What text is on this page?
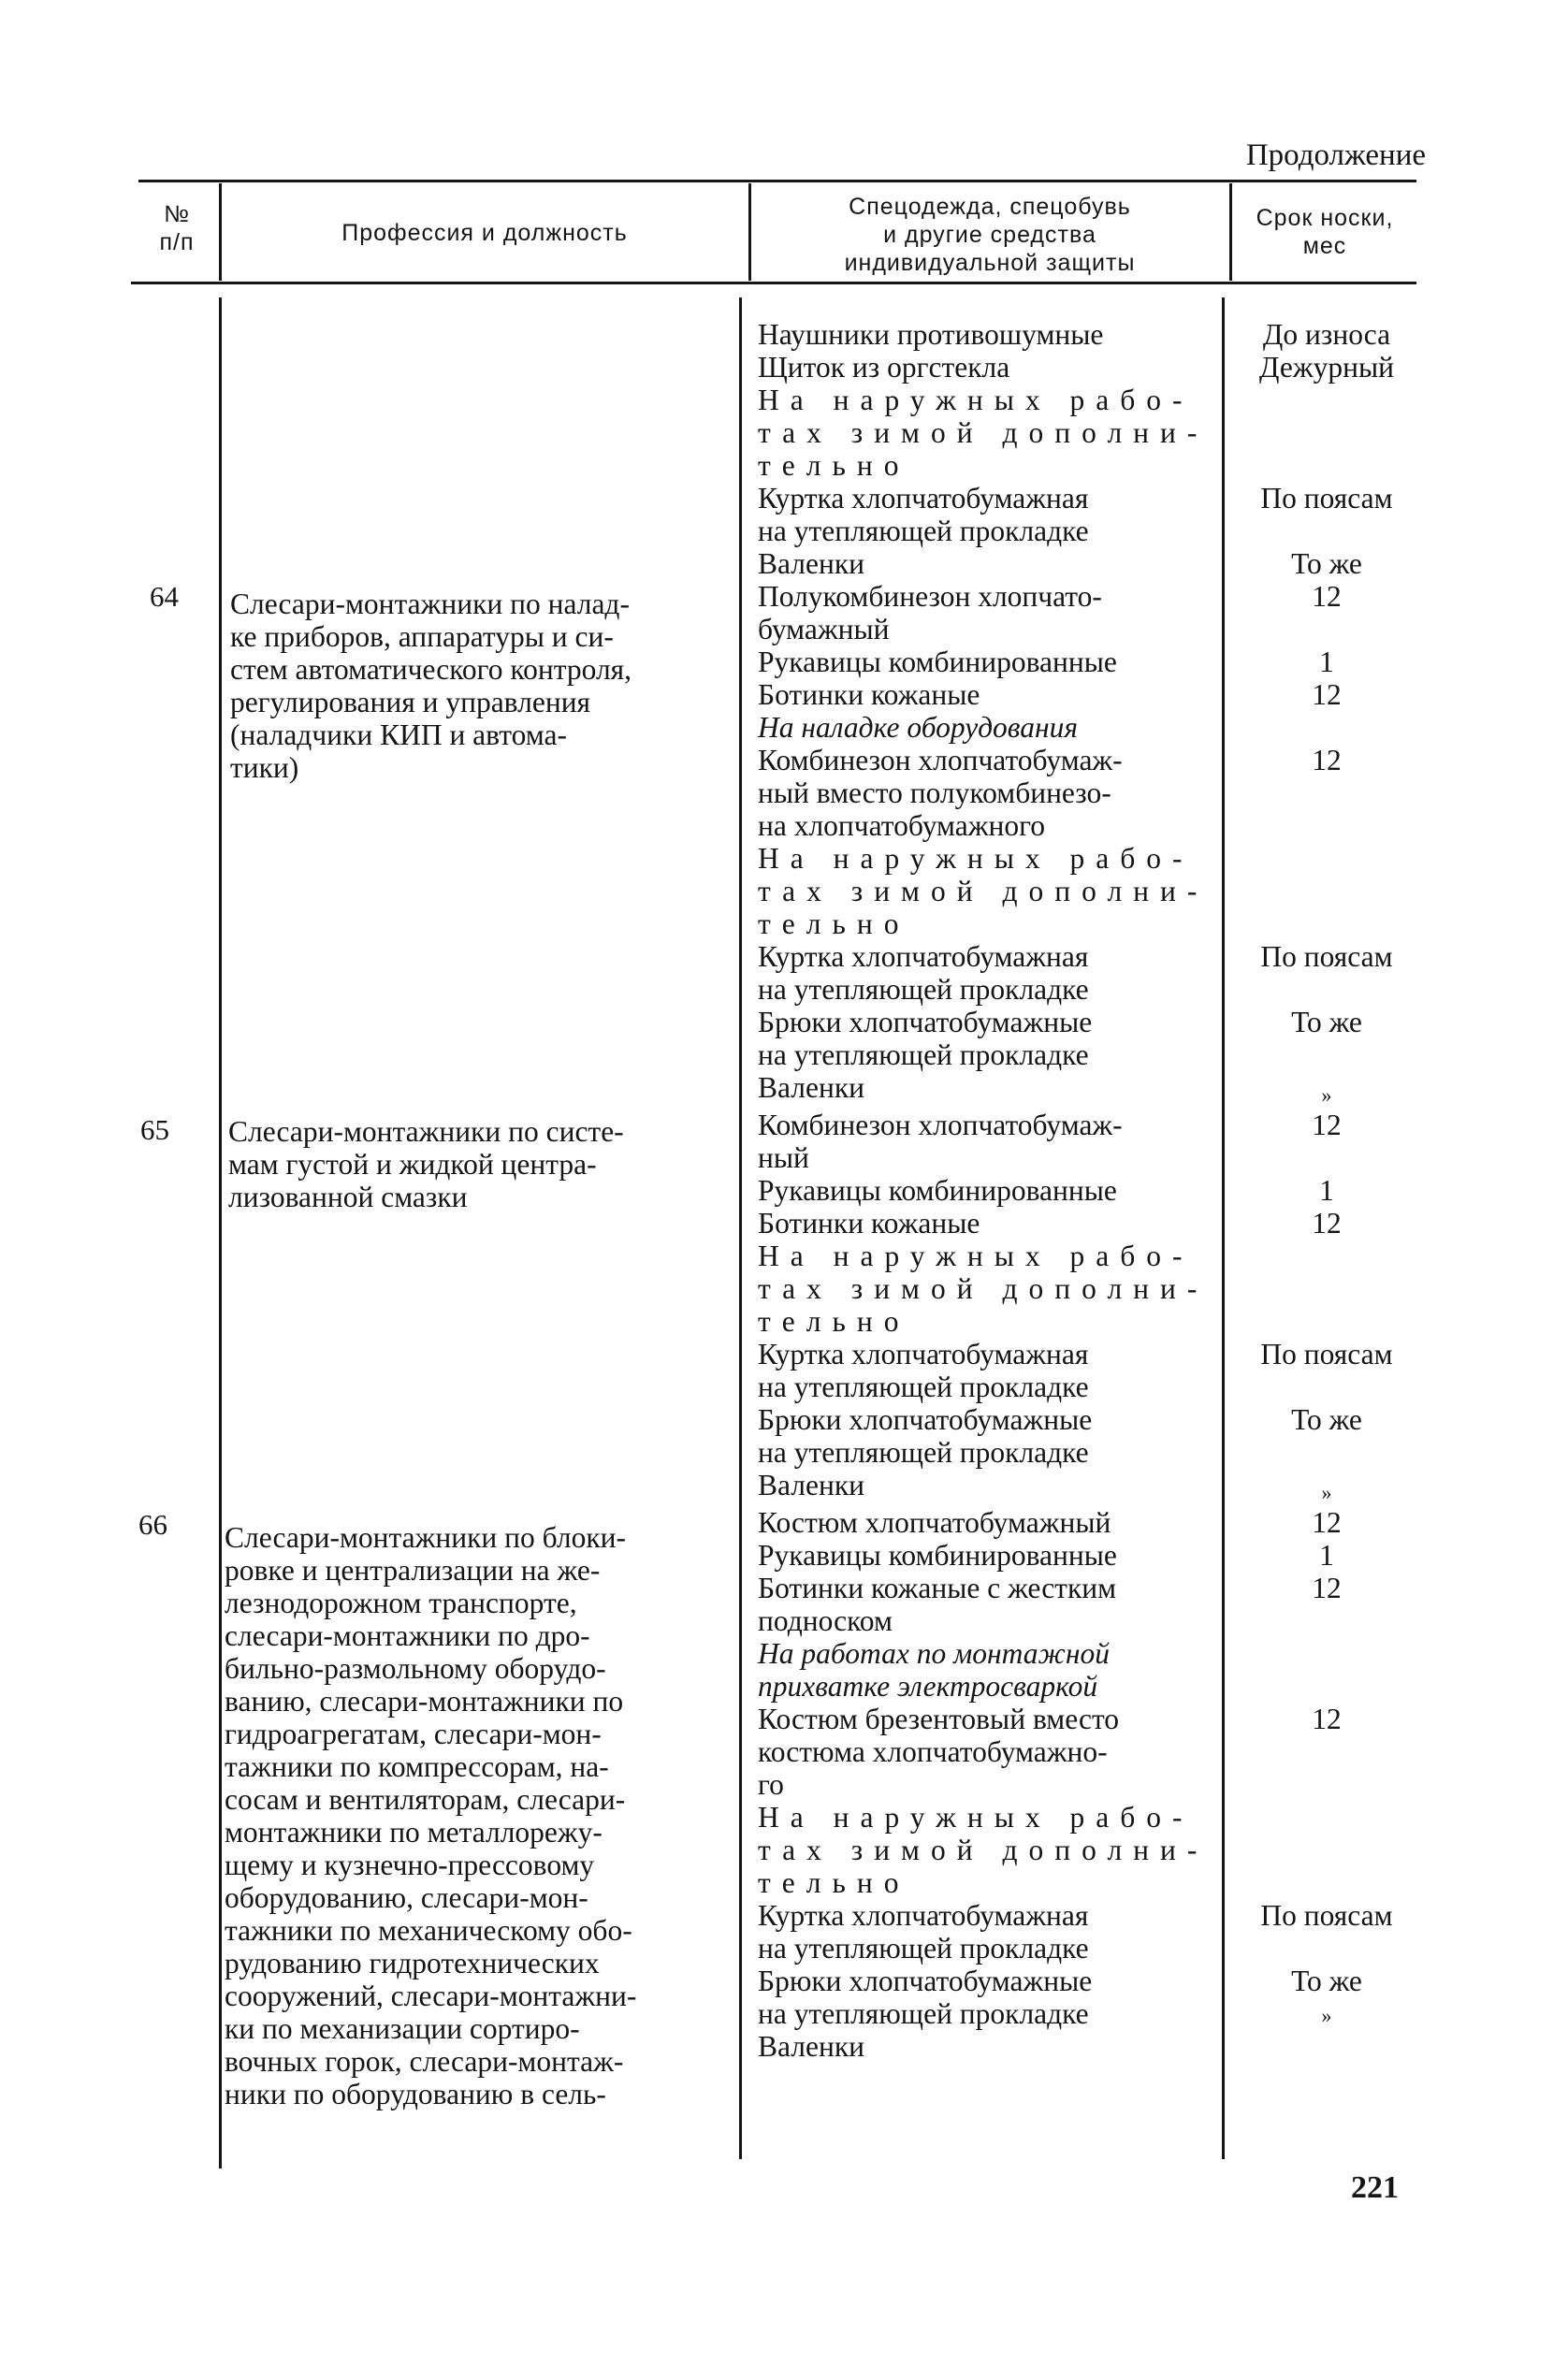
Продолжение
№
п/п	Профессия и должность
Спецодежда, спецобувь
и другие средства
индивидуальной защиты
Срок носки,
мес
64
65
66
Слесари-монтажники по налад-
ке приборов, аппаратуры и си-
стем автоматического контроля,
регулирования и управления
(наладчики КИП и автома-
тики)
Слесари-монтажники по систе-
мам густой и жидкой центра-
лизованной смазки
Слесари-монтажники по блоки-
ровке и централизации на же-
лезнодорожном транспорте,
слесари-монтажники по дро-
бильно-размольному оборудо-
ванию, слесари-монтажники по
гидроагрегатам, слесари-мон-
тажники по компрессорам, на-
сосам и вентиляторам, слесари-
монтажники по металлорежу-
щему и кузнечно-прессовому
оборудованию, слесари-мон-
тажники по механическому обо-
рудованию гидротехнических
сооружений, слесари-монтажни-
ки по механизации сортиро-
вочных горок, слесари-монтаж-
ники по оборудованию в сель-
Наушники противошумные
Щиток из оргстекла
На наружных рабо-
тах зимой дополни-
тельно
Куртка хлопчатобумажная
на утепляющей прокладке
Валенки
Полукомбинезон хлопчато-
бумажный
Рукавицы комбинированные
Ботинки кожаные
На наладке оборудования
Комбинезон хлопчатобумаж-
ный вместо полукомбинезо-
на хлопчатобумажного
На наружных рабо-
тах зимой дополни-
тельно
Куртка хлопчатобумажная
на утепляющей прокладке
Брюки хлопчатобумажные
на утепляющей прокладке
Валенки
Комбинезон хлопчатобумаж-
ный
Рукавицы комбинированные
Ботинки кожаные
На наружных рабо-
тах зимой дополни-
тельно
Куртка хлопчатобумажная
на утепляющей прокладке
Брюки хлопчатобумажные
на утепляющей прокладке
Валенки
Костюм хлопчатобумажный
Рукавицы комбинированные
Ботинки кожаные с жестким
подноском
На работах по монтажной
прихватке электросваркой
Костюм брезентовый вместо
костюма хлопчатобумажно-
го
На наружных рабо-
тах зимой дополни-
тельно
Куртка хлопчатобумажная
на утепляющей прокладке
Брюки хлопчатобумажные
на утепляющей прокладке
Валенки
До износа
Дежурный
По поясам
То же
12
1
12
12
По поясам
То же
»
12
1
12
По поясам
То же
»
12
1
12
12
По поясам
То же
»
221
